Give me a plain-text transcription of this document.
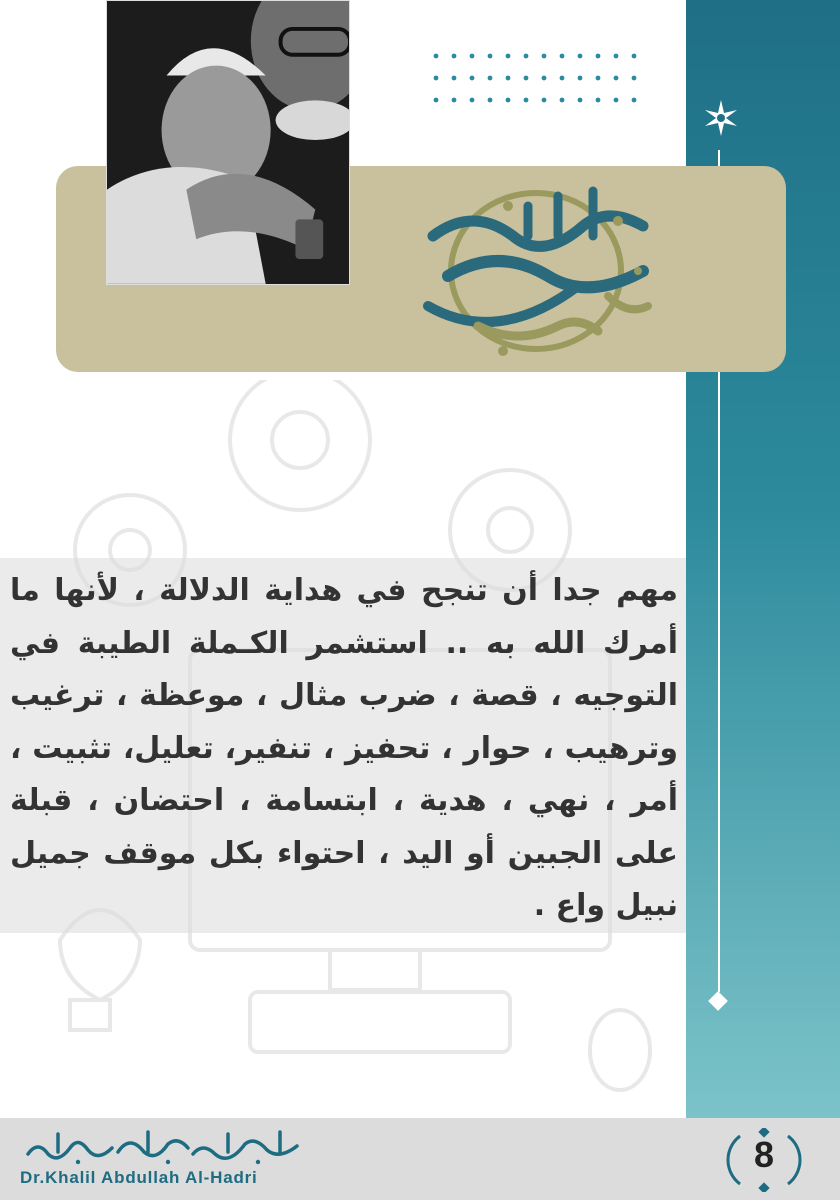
مهم جدا أن تنجح في هداية الدلالة ، لأنها ما أمرك الله به .. استشمر الكـملة الطيبة في التوجيه ، قصة ، ضرب مثال ، موعظة ، ترغيب وترهيب ، حوار ، تحفيز ، تنفير، تعليل، تثبيت ، أمر ، نهي ، هدية ، ابتسامة ، احتضان ، قبلة على الجبين أو اليد ، احتواء بكل موقف جميل نبيل واع .

Dr.Khalil Abdullah Al-Hadri
8
